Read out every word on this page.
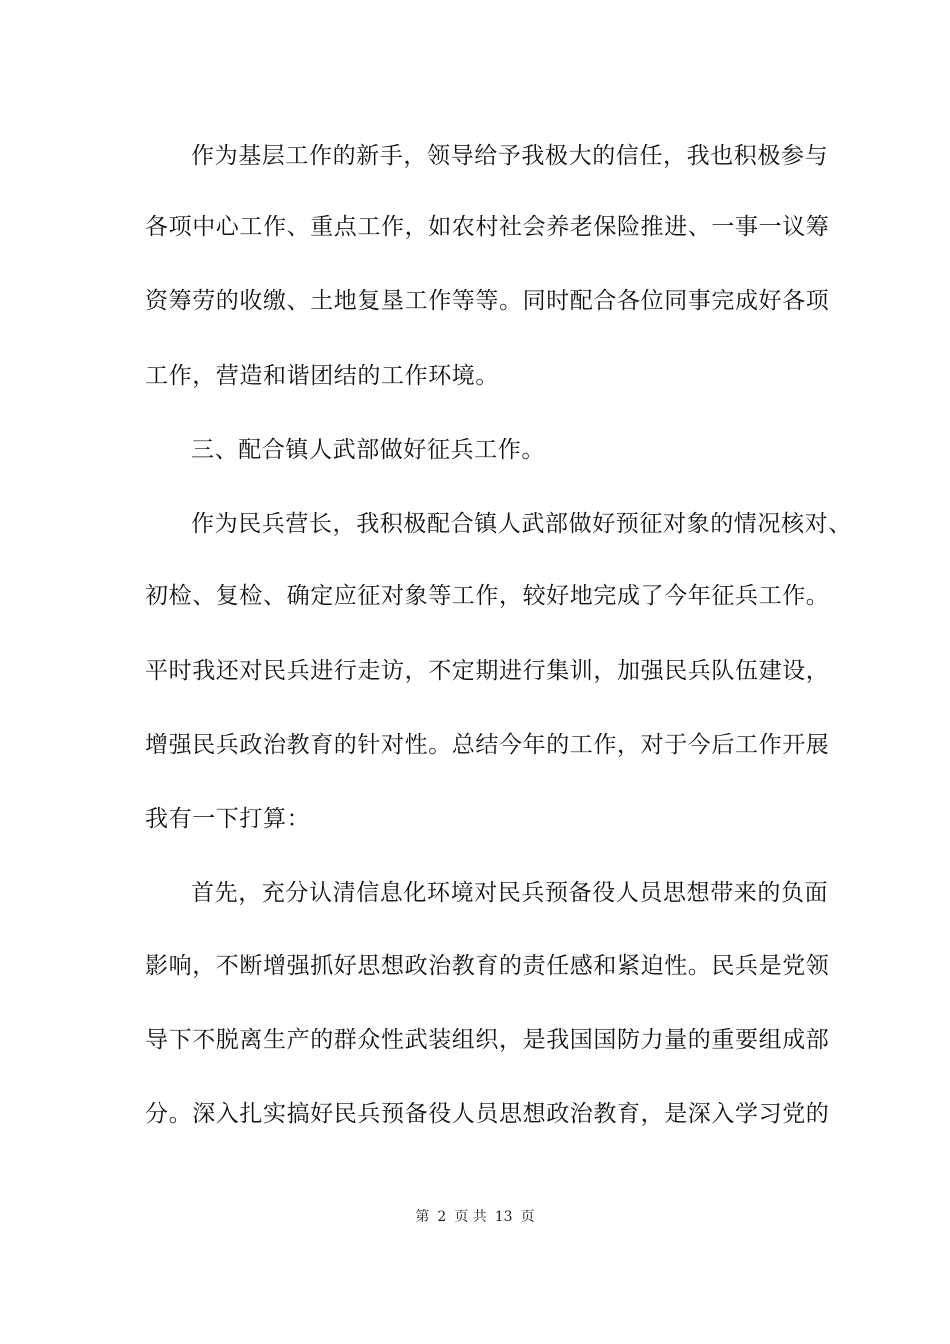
作为基层工作的新手，领导给予我极大的信任，我也积极参与
各项中心工作、重点工作，如农村社会养老保险推进、一事一议筹
资筹劳的收缴、土地复垦工作等等。同时配合各位同事完成好各项
工作，营造和谐团结的工作环境。
三、配合镇人武部做好征兵工作。
作为民兵营长，我积极配合镇人武部做好预征对象的情况核对、
初检、复检、确定应征对象等工作，较好地完成了今年征兵工作。
平时我还对民兵进行走访，不定期进行集训，加强民兵队伍建设，
增强民兵政治教育的针对性。总结今年的工作，对于今后工作开展
我有一下打算：
首先，充分认清信息化环境对民兵预备役人员思想带来的负面
影响，不断增强抓好思想政治教育的责任感和紧迫性。民兵是党领
导下不脱离生产的群众性武装组织，是我国国防力量的重要组成部
分。深入扎实搞好民兵预备役人员思想政治教育，是深入学习党的
第 2 页 共 13 页
